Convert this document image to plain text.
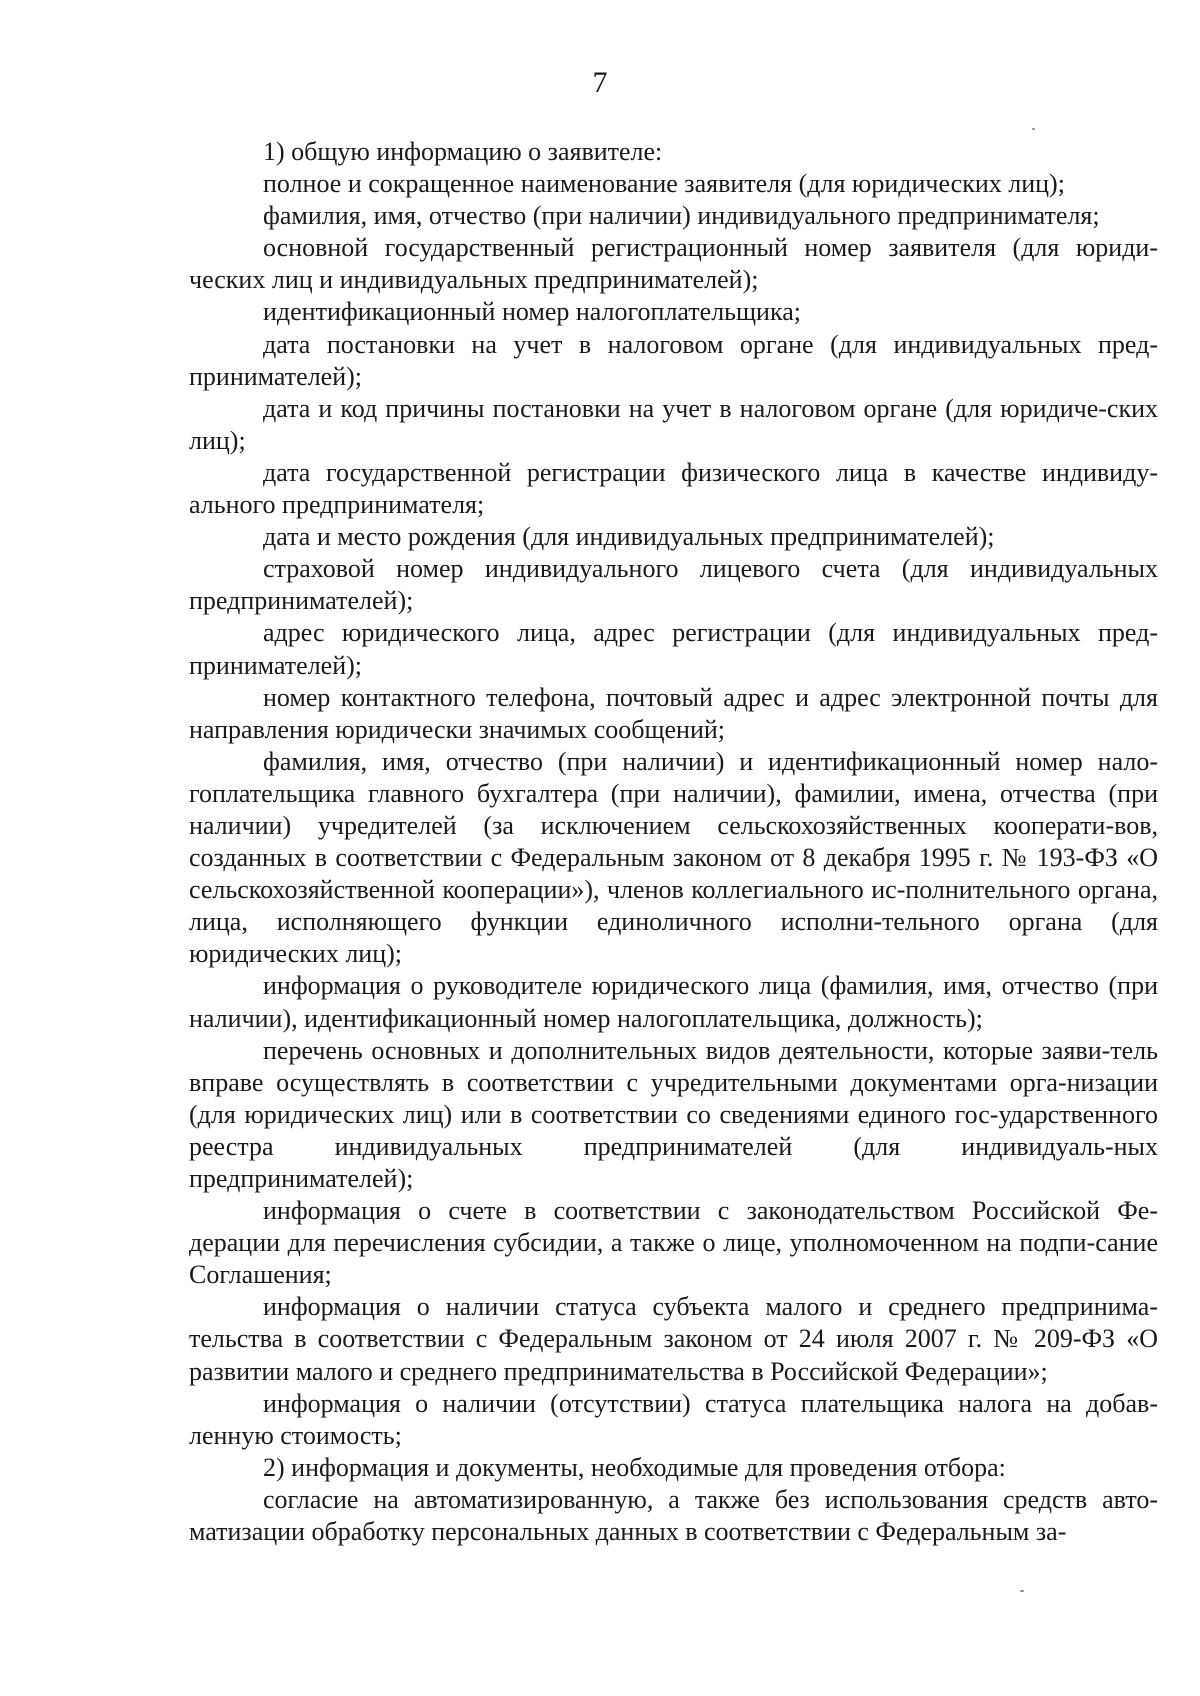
7

1) общую информацию о заявителе:

полное и сокращенное наименование заявителя (для юридических лиц);

фамилия, имя, отчество (при наличии) индивидуального предпринимателя;

основной государственный регистрационный номер заявителя (для юриди-ческих лиц и индивидуальных предпринимателей);

идентификационный номер налогоплательщика;

дата постановки на учет в налоговом органе (для индивидуальных пред-принимателей);

дата и код причины постановки на учет в налоговом органе (для юридиче-ских лиц);

дата государственной регистрации физического лица в качестве индивиду-ального предпринимателя;

дата и место рождения (для индивидуальных предпринимателей);

страховой номер индивидуального лицевого счета (для индивидуальных предпринимателей);

адрес юридического лица, адрес регистрации (для индивидуальных пред-принимателей);

номер контактного телефона, почтовый адрес и адрес электронной почты для направления юридически значимых сообщений;

фамилия, имя, отчество (при наличии) и идентификационный номер нало-гоплательщика главного бухгалтера (при наличии), фамилии, имена, отчества (при наличии) учредителей (за исключением сельскохозяйственных кооперати-вов, созданных в соответствии с Федеральным законом от 8 декабря 1995 г. № 193-ФЗ «О сельскохозяйственной кооперации»), членов коллегиального ис-полнительного органа, лица, исполняющего функции единоличного исполни-тельного органа (для юридических лиц);

информация о руководителе юридического лица (фамилия, имя, отчество (при наличии), идентификационный номер налогоплательщика, должность);

перечень основных и дополнительных видов деятельности, которые заяви-тель вправе осуществлять в соответствии с учредительными документами орга-низации (для юридических лиц) или в соответствии со сведениями единого гос-ударственного реестра индивидуальных предпринимателей (для индивидуаль-ных предпринимателей);

информация о счете в соответствии с законодательством Российской Фе-дерации для перечисления субсидии, а также о лице, уполномоченном на подпи-сание Соглашения;

информация о наличии статуса субъекта малого и среднего предпринима-тельства в соответствии с Федеральным законом от 24 июля 2007 г. № 209-ФЗ «О развитии малого и среднего предпринимательства в Российской Федерации»;

информация о наличии (отсутствии) статуса плательщика налога на добав-ленную стоимость;

2) информация и документы, необходимые для проведения отбора:

согласие на автоматизированную, а также без использования средств авто-матизации обработку персональных данных в соответствии с Федеральным за-
